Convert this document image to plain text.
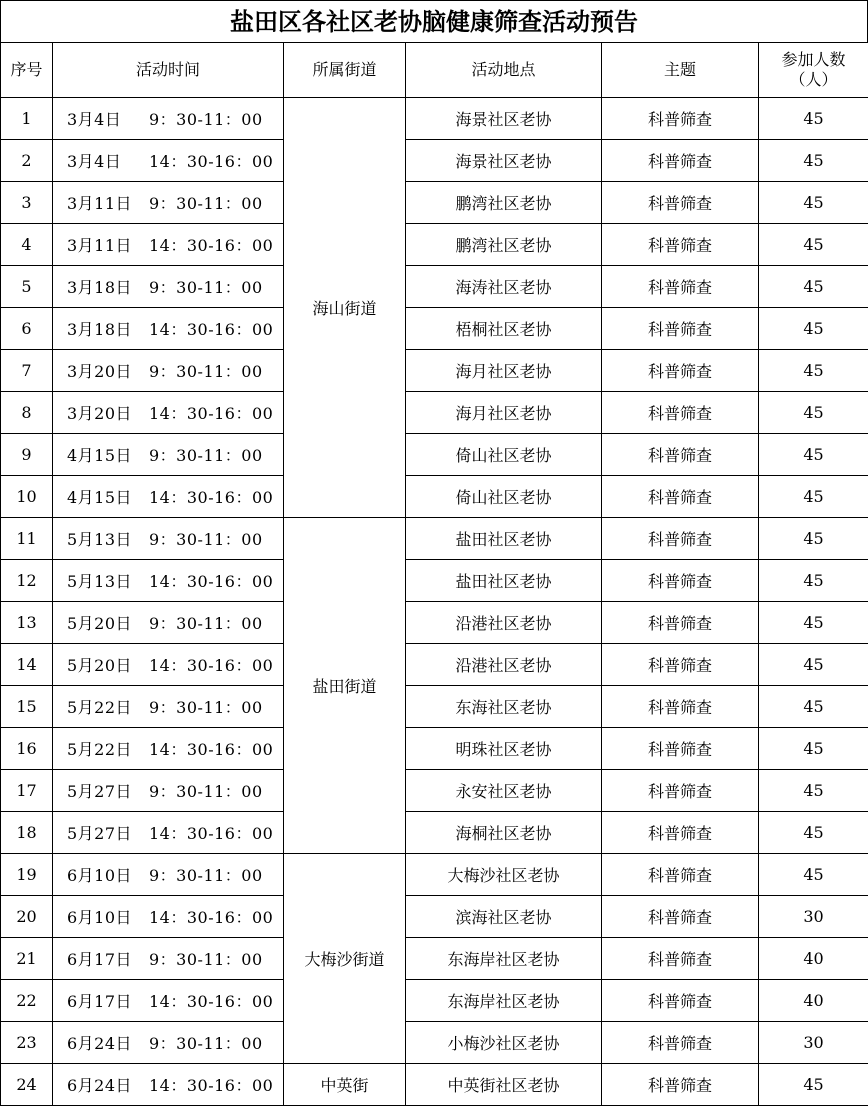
盐田区各社区老协脑健康筛查活动预告
序号	活动时间	所属街道	活动地点	主题	参加人数
（人）

1	3月4日 9：30-11：00	海山街道	海景社区老协	科普筛查	45
2	3月4日 14：30-16：00		海景社区老协	科普筛查	45
3	3月11日 9：30-11：00		鹏湾社区老协	科普筛查	45
4	3月11日 14：30-16：00		鹏湾社区老协	科普筛查	45
5	3月18日 9：30-11：00		海涛社区老协	科普筛查	45
6	3月18日 14：30-16：00		梧桐社区老协	科普筛查	45
7	3月20日 9：30-11：00		海月社区老协	科普筛查	45
8	3月20日 14：30-16：00		海月社区老协	科普筛查	45
9	4月15日 9：30-11：00		倚山社区老协	科普筛查	45
10	4月15日 14：30-16：00		倚山社区老协	科普筛查	45
11	5月13日 9：30-11：00	盐田街道	盐田社区老协	科普筛查	45
12	5月13日 14：30-16：00		盐田社区老协	科普筛查	45
13	5月20日 9：30-11：00		沿港社区老协	科普筛查	45
14	5月20日 14：30-16：00		沿港社区老协	科普筛查	45
15	5月22日 9：30-11：00		东海社区老协	科普筛查	45
16	5月22日 14：30-16：00		明珠社区老协	科普筛查	45
17	5月27日 9：30-11：00		永安社区老协	科普筛查	45
18	5月27日 14：30-16：00		海桐社区老协	科普筛查	45
19	6月10日 9：30-11：00	大梅沙街道	大梅沙社区老协	科普筛查	45
20	6月10日 14：30-16：00		滨海社区老协	科普筛查	30
21	6月17日 9：30-11：00		东海岸社区老协	科普筛查	40
22	6月17日 14：30-16：00		东海岸社区老协	科普筛查	40
23	6月24日 9：30-11：00		小梅沙社区老协	科普筛查	30
24	6月24日 14：30-16：00	中英街	中英街社区老协	科普筛查	45
